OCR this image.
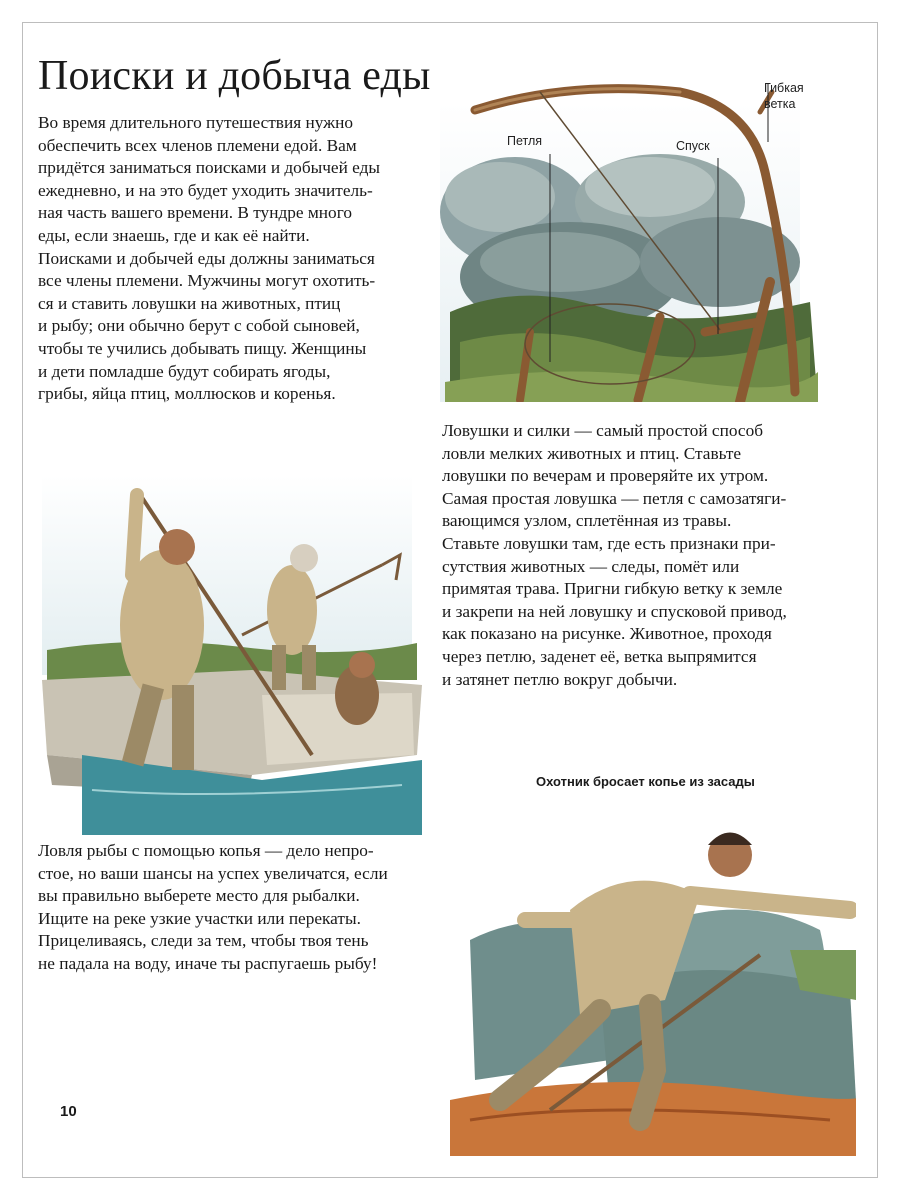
Поиски и добыча еды
Во время длительного путешествия нужно
обеспечить всех членов племени едой. Вам
придётся заниматься поисками и добычей еды
ежедневно, и на это будет уходить значитель-
ная часть вашего времени. В тундре много
еды, если знаешь, где и как её найти.
Поисками и добычей еды должны заниматься
все члены племени. Мужчины могут охотить-
ся и ставить ловушки на животных, птиц
и рыбу; они обычно берут с собой сыновей,
чтобы те учились добывать пищу. Женщины
и дети помладше будут собирать ягоды,
грибы, яйца птиц, моллюсков и коренья.
Гибкая
ветка
Петля	Спуск
Ловушки и силки — самый простой способ
ловли мелких животных и птиц. Ставьте
ловушки по вечерам и проверяйте их утром.
Самая простая ловушка — петля с самозатяги-
вающимся узлом, сплетённая из травы.
Ставьте ловушки там, где есть признаки при-
сутствия животных — следы, помёт или
примятая трава. Пригни гибкую ветку к земле
и закрепи на ней ловушку и спусковой привод,
как показано на рисунке. Животное, проходя
через петлю, заденет её, ветка выпрямится
и затянет петлю вокруг добычи.
Ловля рыбы с помощью копья — дело непро-
стое, но ваши шансы на успех увеличатся, если
вы правильно выберете место для рыбалки.
Ищите на реке узкие участки или перекаты.
Прицеливаясь, следи за тем, чтобы твоя тень
не падала на воду, иначе ты распугаешь рыбу!
Охотник бросает копье из засады
10
